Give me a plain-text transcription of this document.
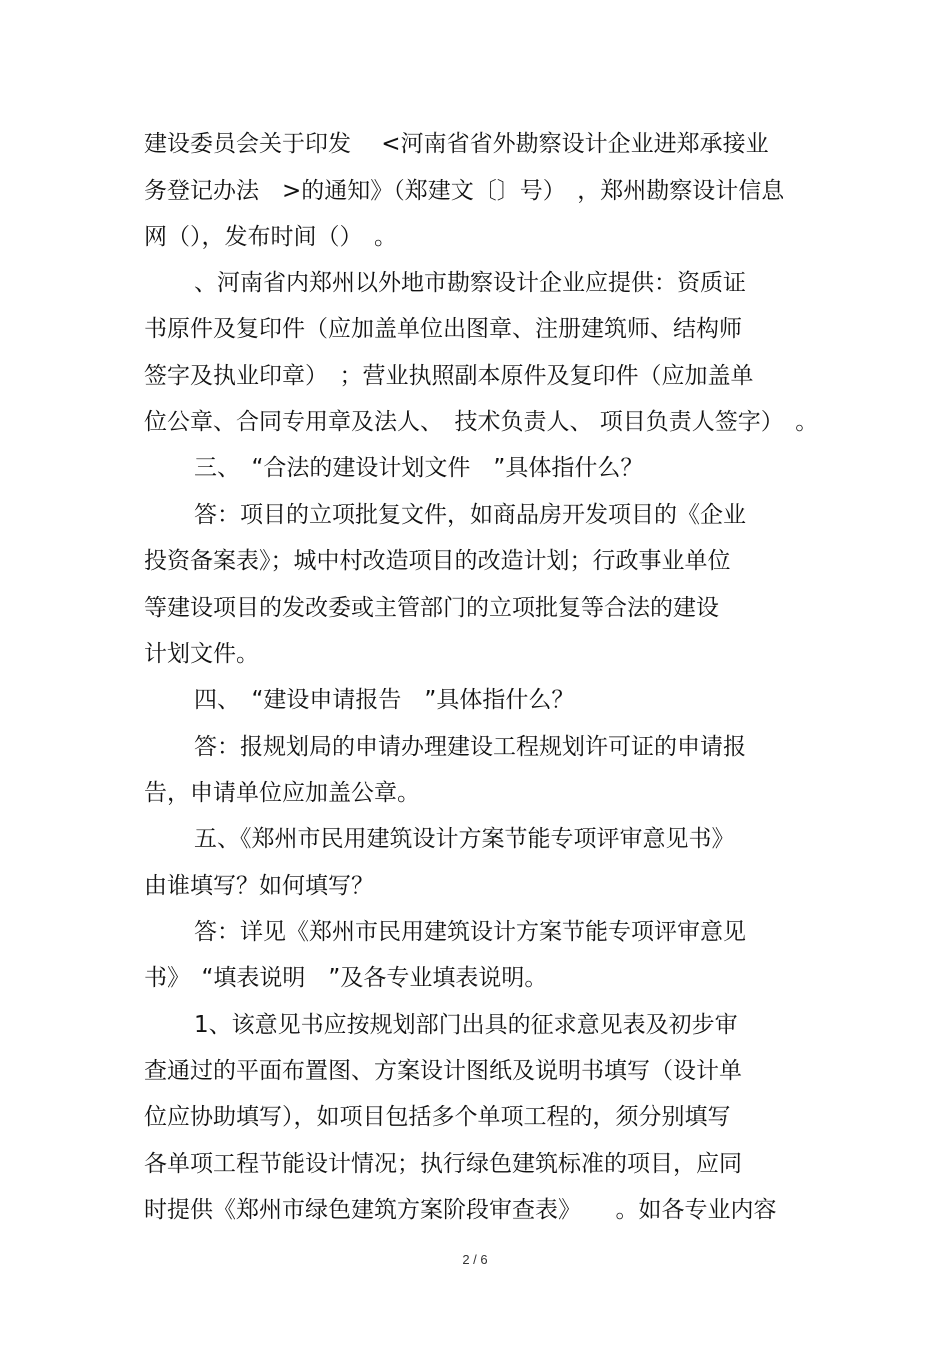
建设委员会关于印发　 <河南省省外勘察设计企业进郑承接业
务登记办法　>的通知》（郑建文〔〕号）　，郑州勘察设计信息
网（），发布时间（）　。
、河南省内郑州以外地市勘察设计企业应提供：资质证
书原件及复印件（应加盖单位出图章、注册建筑师、结构师
签字及执业印章）　；营业执照副本原件及复印件（应加盖单
位公章、合同专用章及法人、　技术负责人、 项目负责人签字）　。
三、　“合法的建设计划文件　”具体指什么？
答：项目的立项批复文件，如商品房开发项目的《企业
投资备案表》；城中村改造项目的改造计划；行政事业单位
等建设项目的发改委或主管部门的立项批复等合法的建设
计划文件。
四、　“建设申请报告　”具体指什么？
答：报规划局的申请办理建设工程规划许可证的申请报
告，申请单位应加盖公章。
五、《郑州市民用建筑设计方案节能专项评审意见书》
由谁填写？如何填写？
答：详见《郑州市民用建筑设计方案节能专项评审意见
书》　“填表说明　”及各专业填表说明。
1、该意见书应按规划部门出具的征求意见表及初步审
查通过的平面布置图、方案设计图纸及说明书填写（设计单
位应协助填写），如项目包括多个单项工程的，须分别填写
各单项工程节能设计情况；执行绿色建筑标准的项目，应同
时提供《郑州市绿色建筑方案阶段审查表》　　。如各专业内容
2 / 6
